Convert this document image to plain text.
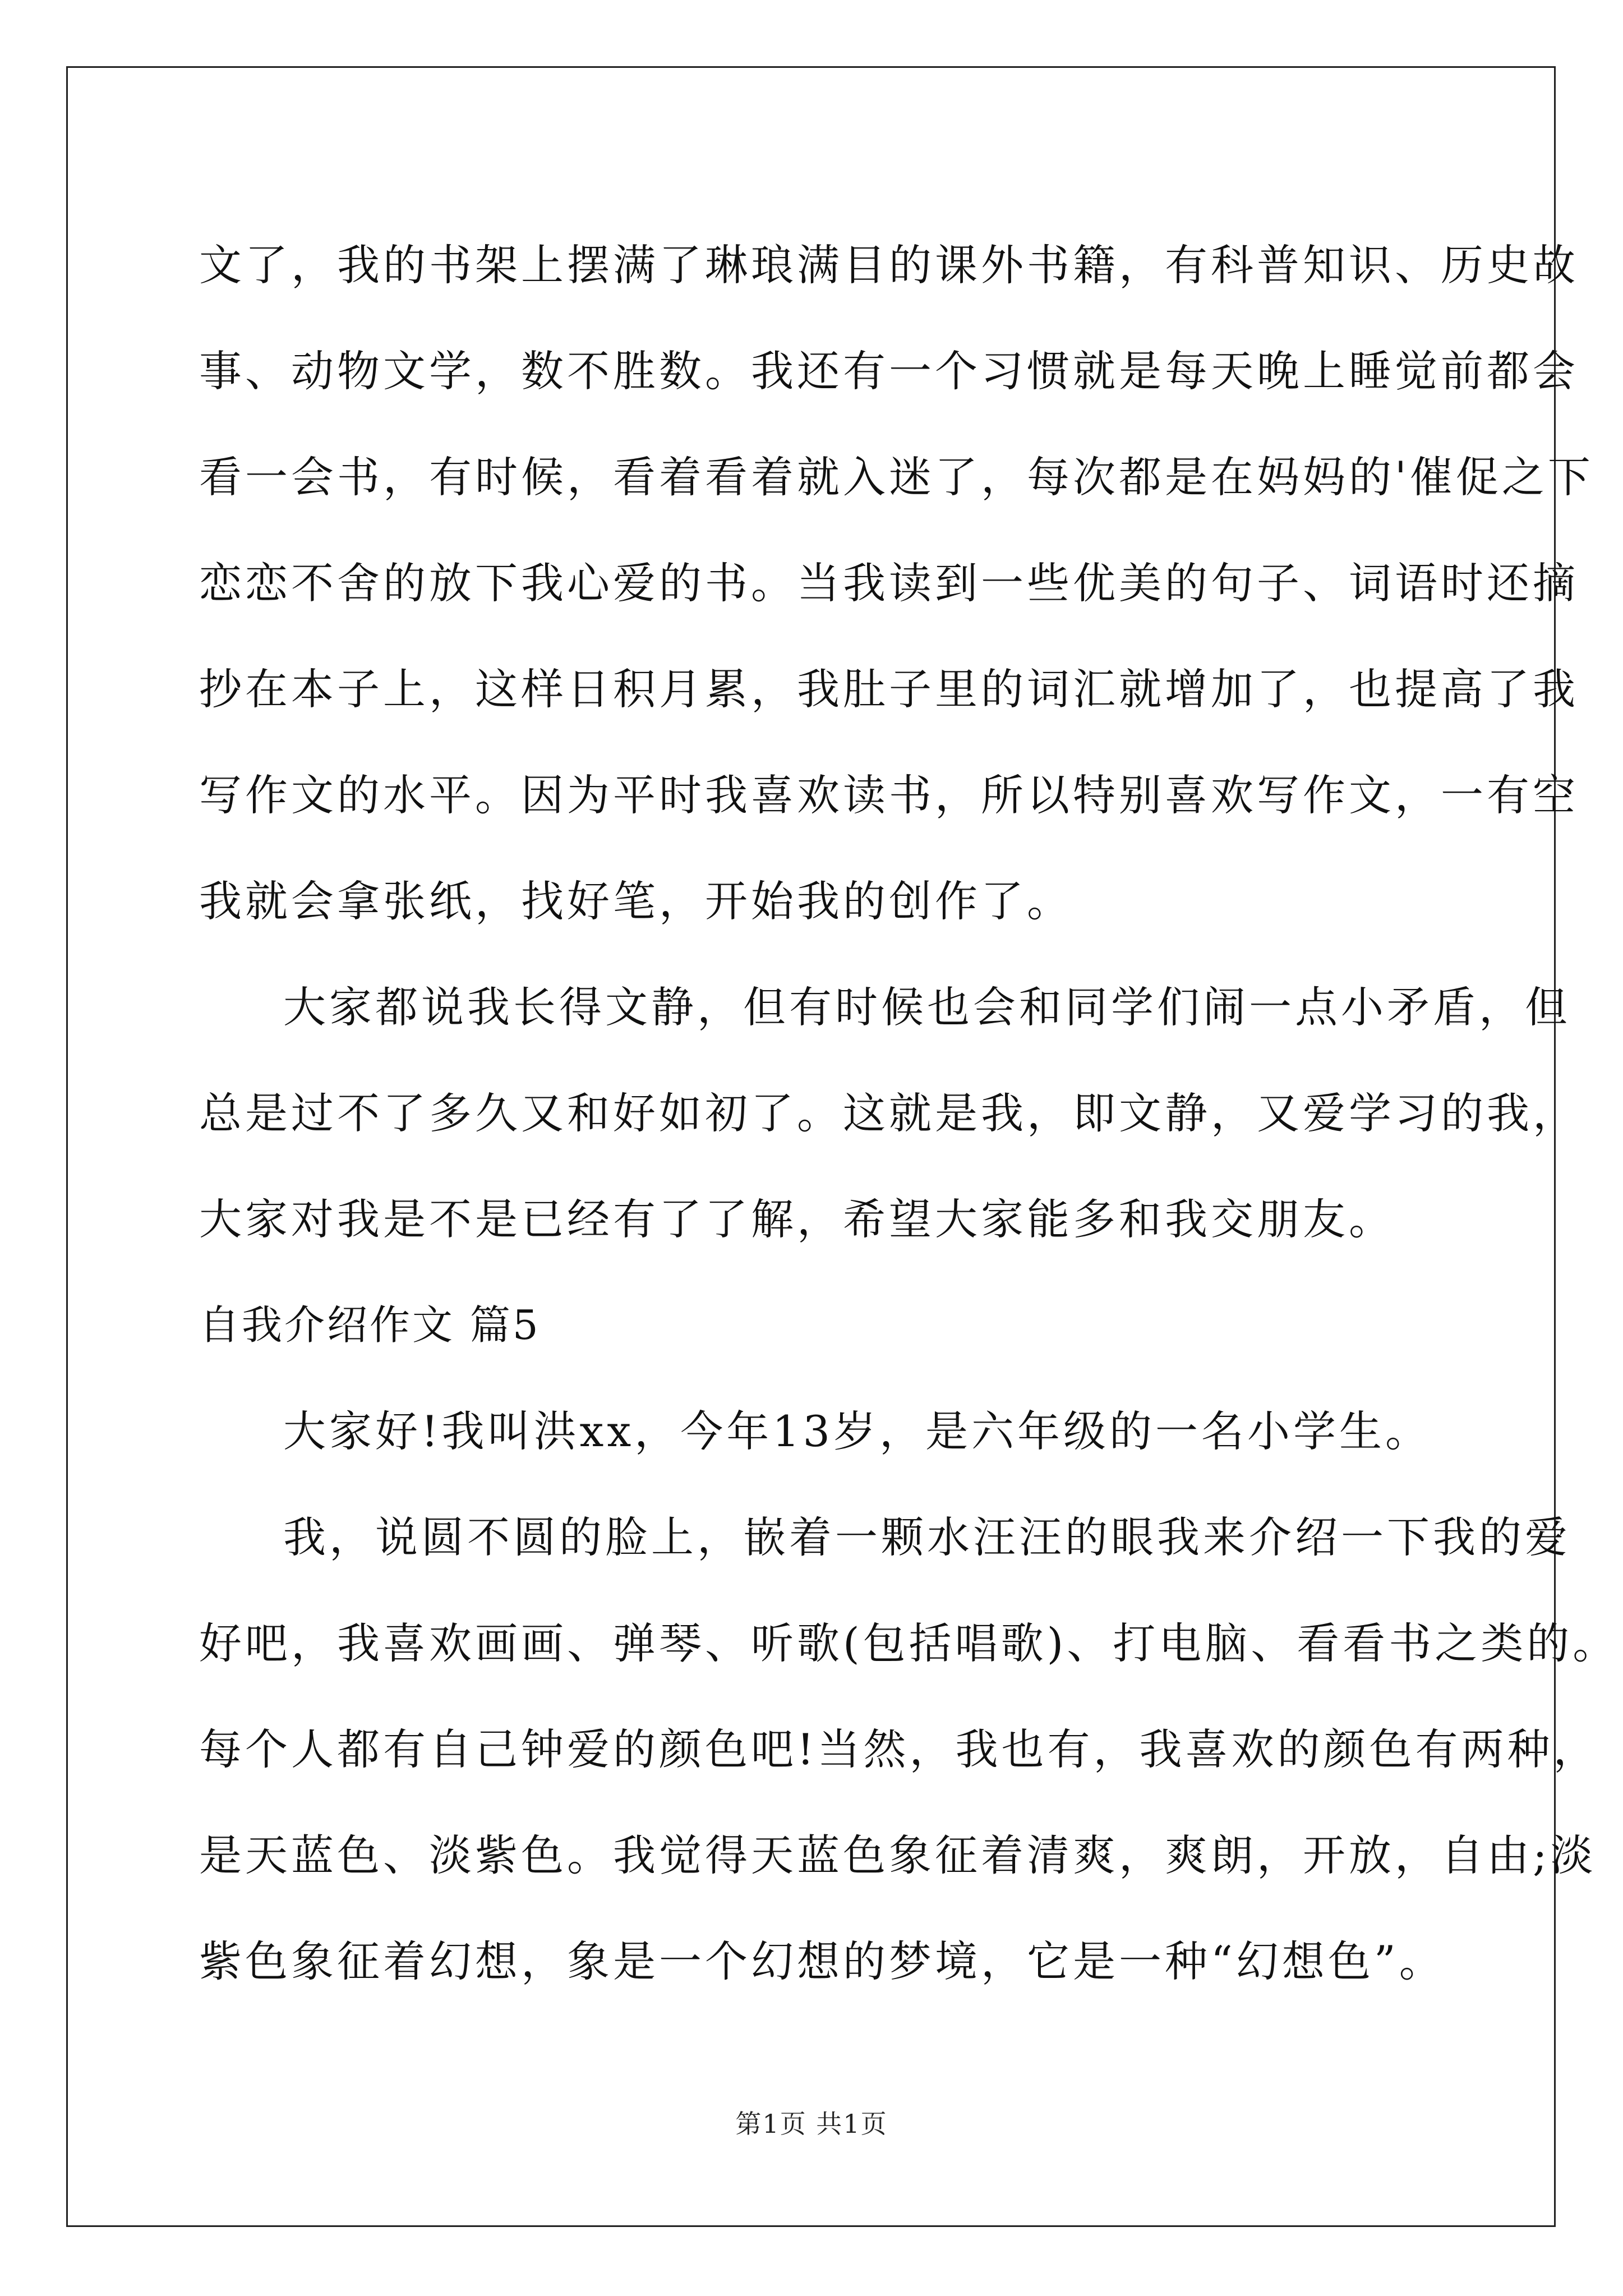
文了，我的书架上摆满了琳琅满目的课外书籍，有科普知识、历史故
事、动物文学，数不胜数。我还有一个习惯就是每天晚上睡觉前都会
看一会书，有时候，看着看着就入迷了，每次都是在妈妈的'催促之下
恋恋不舍的放下我心爱的书。当我读到一些优美的句子、词语时还摘
抄在本子上，这样日积月累，我肚子里的词汇就增加了，也提高了我
写作文的水平。因为平时我喜欢读书，所以特别喜欢写作文，一有空
我就会拿张纸，找好笔，开始我的创作了。
大家都说我长得文静，但有时候也会和同学们闹一点小矛盾，但
总是过不了多久又和好如初了。这就是我，即文静，又爱学习的我，
大家对我是不是已经有了了解，希望大家能多和我交朋友。
自我介绍作文 篇5
大家好!我叫洪xx，今年13岁，是六年级的一名小学生。
我，说圆不圆的脸上，嵌着一颗水汪汪的眼我来介绍一下我的爱
好吧，我喜欢画画、弹琴、听歌(包括唱歌)、打电脑、看看书之类的。
每个人都有自己钟爱的颜色吧!当然，我也有，我喜欢的颜色有两种，
是天蓝色、淡紫色。我觉得天蓝色象征着清爽，爽朗，开放，自由;淡
紫色象征着幻想，象是一个幻想的梦境，它是一种“幻想色”。
第1页 共1页
